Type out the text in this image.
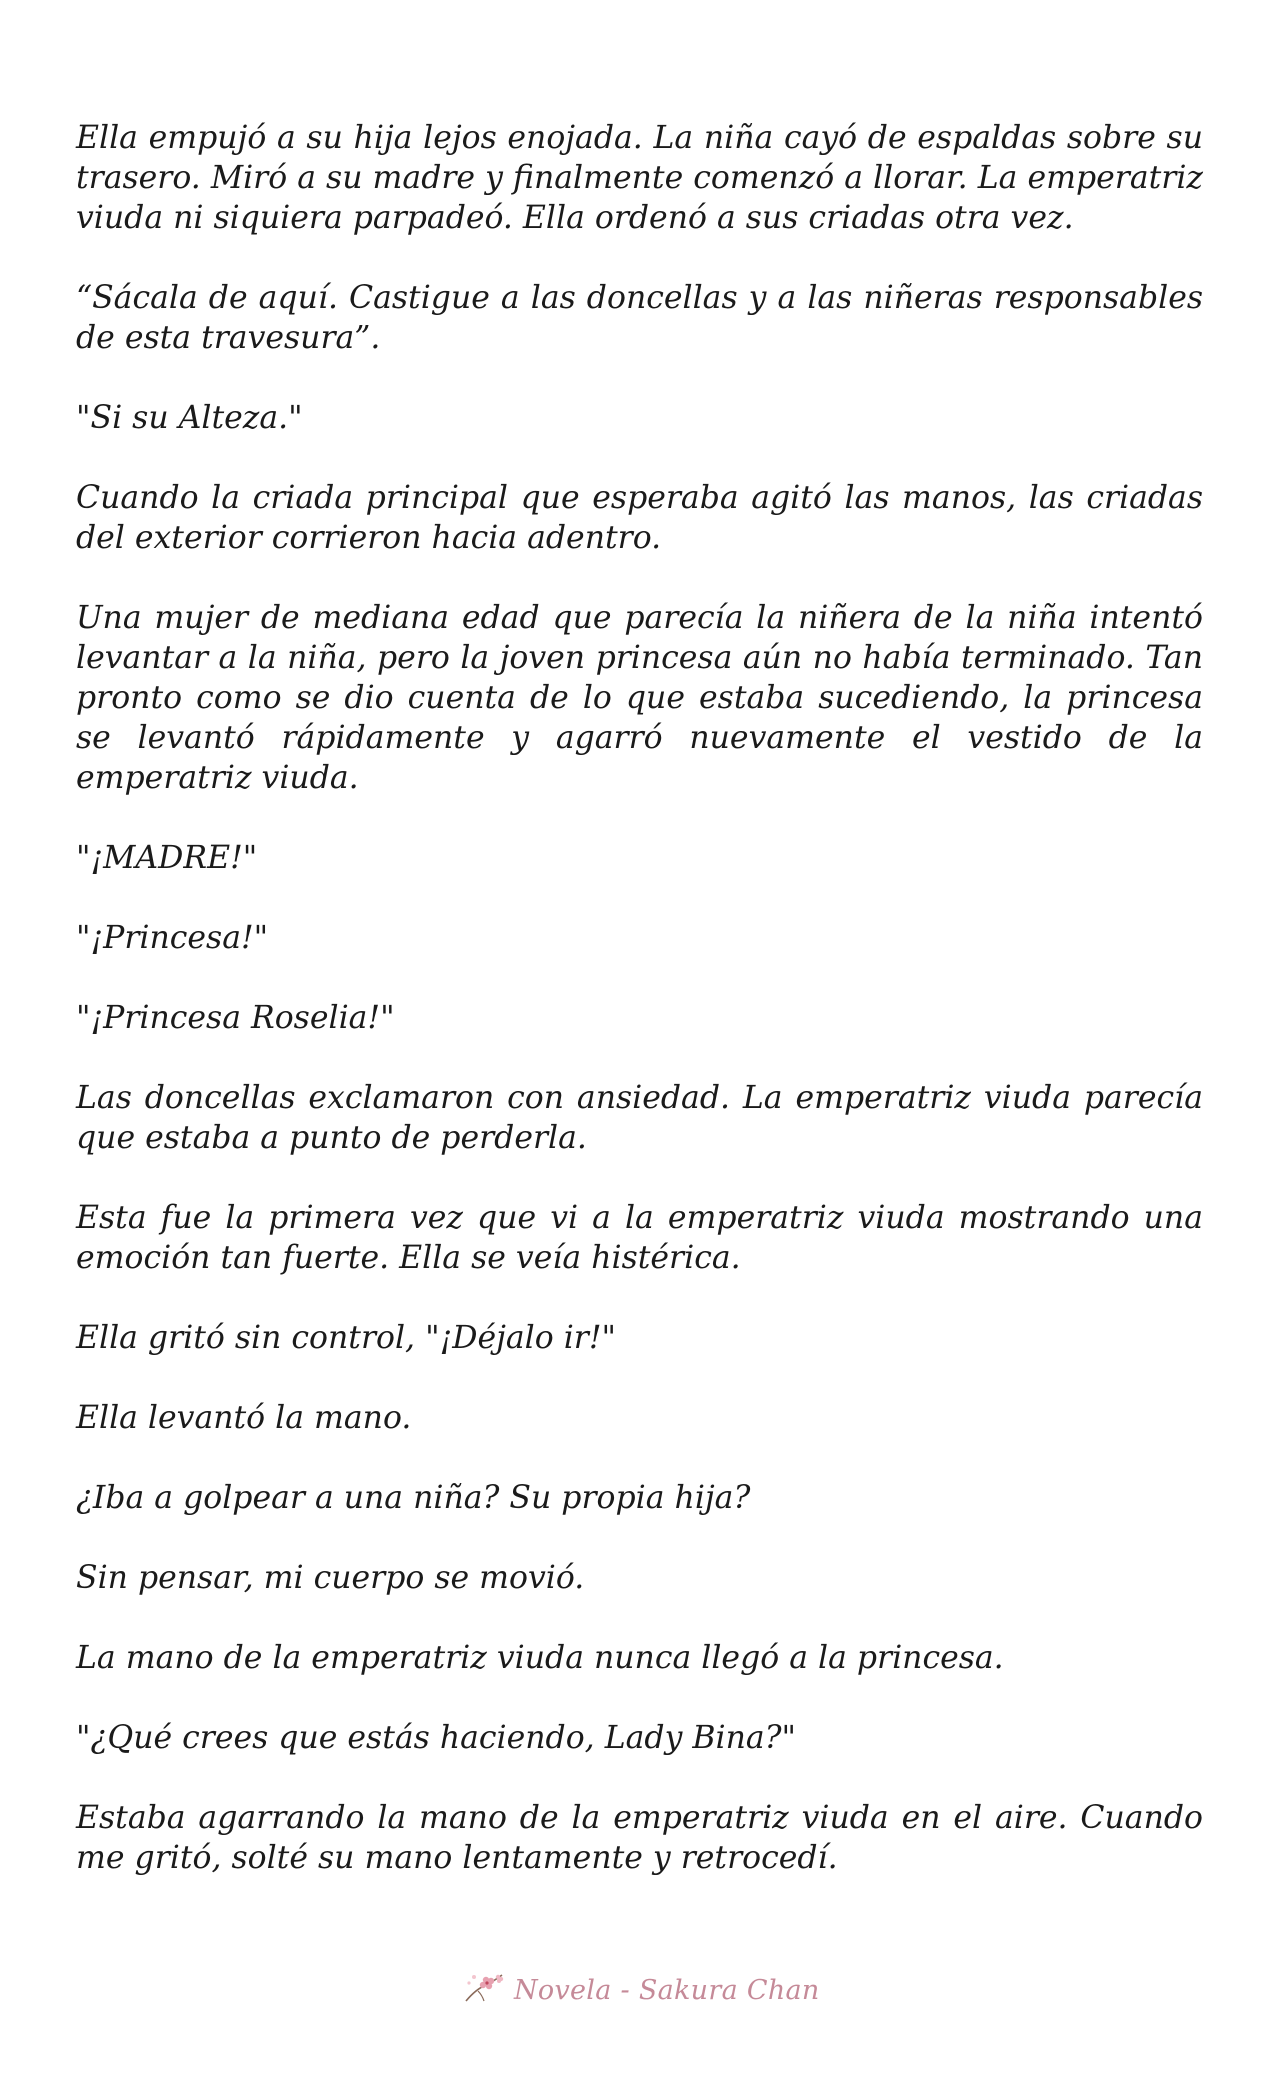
Ella empujó a su hija lejos enojada. La niña cayó de espaldas sobre su trasero. Miró a su madre y finalmente comenzó a llorar. La emperatriz viuda ni siquiera parpadeó. Ella ordenó a sus criadas otra vez.

“Sácala de aquí. Castigue a las doncellas y a las niñeras responsables de esta travesura”.

"Si su Alteza."

Cuando la criada principal que esperaba agitó las manos, las criadas del exterior corrieron hacia adentro.

Una mujer de mediana edad que parecía la niñera de la niña intentó levantar a la niña, pero la joven princesa aún no había terminado. Tan pronto como se dio cuenta de lo que estaba sucediendo, la princesa se levantó rápidamente y agarró nuevamente el vestido de la emperatriz viuda.

"¡MADRE!"

"¡Princesa!"

"¡Princesa Roselia!"

Las doncellas exclamaron con ansiedad. La emperatriz viuda parecía que estaba a punto de perderla.

Esta fue la primera vez que vi a la emperatriz viuda mostrando una emoción tan fuerte. Ella se veía histérica.

Ella gritó sin control, "¡Déjalo ir!"

Ella levantó la mano.

¿Iba a golpear a una niña? Su propia hija?

Sin pensar, mi cuerpo se movió.

La mano de la emperatriz viuda nunca llegó a la princesa.

"¿Qué crees que estás haciendo, Lady Bina?"

Estaba agarrando la mano de la emperatriz viuda en el aire. Cuando me gritó, solté su mano lentamente y retrocedí.

Novela - Sakura Chan
